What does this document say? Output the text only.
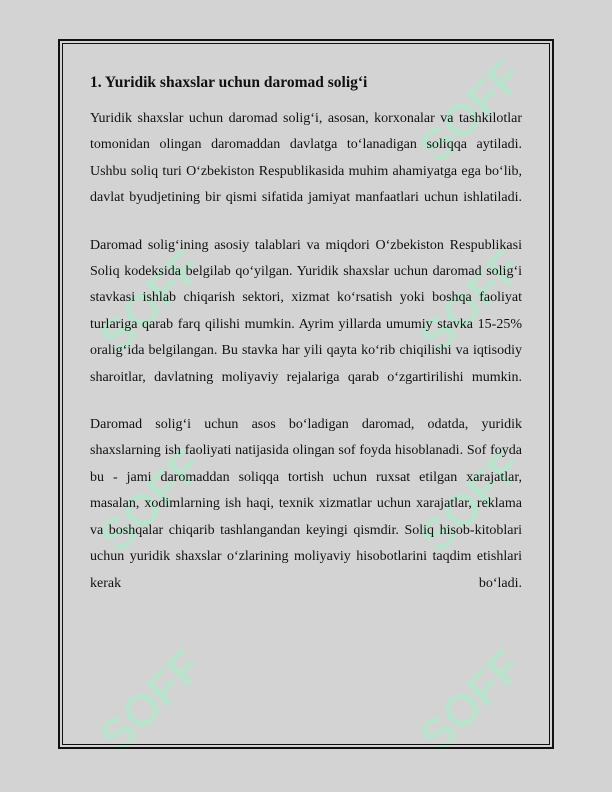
SOFF
SOFF	SOFF
SOFF	SOFF
SOFF	SOFF
1. Yuridik shaxslar uchun daromad solig‘i

Yuridik shaxslar uchun daromad solig‘i, asosan, korxonalar va tashkilotlar tomonidan olingan daromaddan davlatga to‘lanadigan soliqqa aytiladi. Ushbu soliq turi O‘zbekiston Respublikasida muhim ahamiyatga ega bo‘lib, davlat byudjetining bir qismi sifatida jamiyat manfaatlari uchun ishlatiladi.

Daromad solig‘ining asosiy talablari va miqdori O‘zbekiston Respublikasi Soliq kodeksida belgilab qo‘yilgan. Yuridik shaxslar uchun daromad solig‘i stavkasi ishlab chiqarish sektori, xizmat ko‘rsatish yoki boshqa faoliyat turlariga qarab farq qilishi mumkin. Ayrim yillarda umumiy stavka 15-25% oralig‘ida belgilangan. Bu stavka har yili qayta ko‘rib chiqilishi va iqtisodiy sharoitlar, davlatning moliyaviy rejalariga qarab o‘zgartirilishi mumkin.

Daromad solig‘i uchun asos bo‘ladigan daromad, odatda, yuridik shaxslarning ish faoliyati natijasida olingan sof foyda hisoblanadi. Sof foyda bu - jami daromaddan soliqqa tortish uchun ruxsat etilgan xarajatlar, masalan, xodimlarning ish haqi, texnik xizmatlar uchun xarajatlar, reklama va boshqalar chiqarib tashlangandan keyingi qismdir. Soliq hisob-kitoblari uchun yuridik shaxslar o‘zlarining moliyaviy hisobotlarini taqdim etishlari kerak bo‘ladi.
